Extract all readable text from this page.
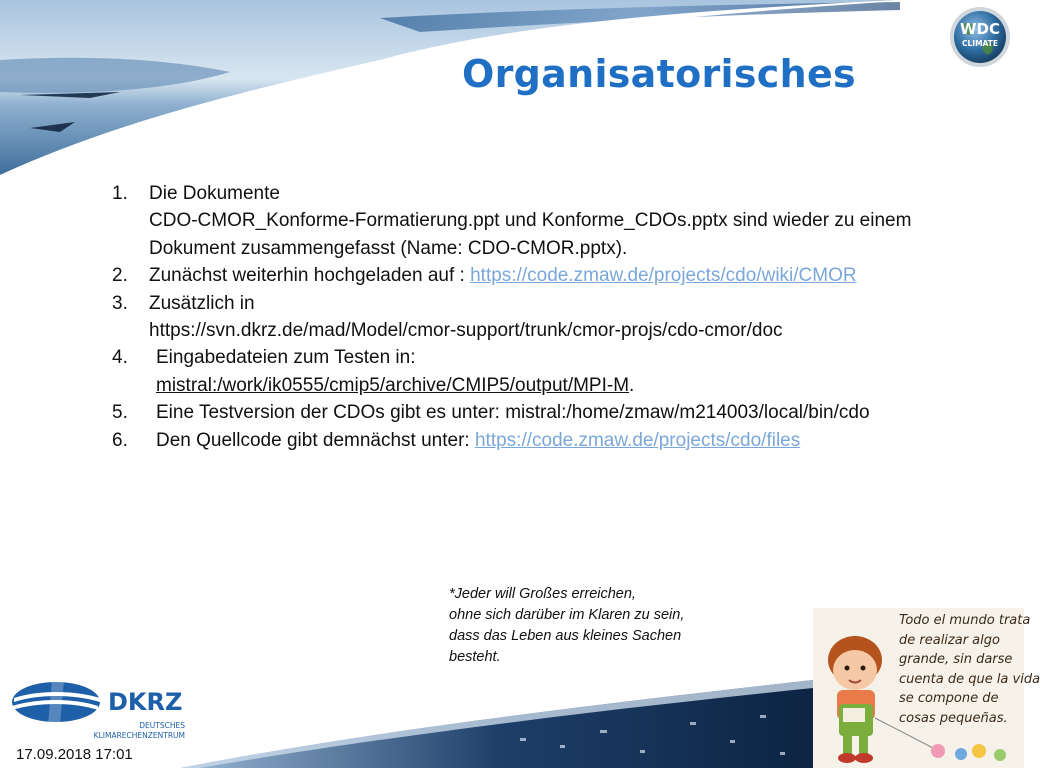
Organisatorisches
WDC
CLIMATE
1. Die Dokumente
CDO-CMOR_Konforme-Formatierung.ppt und Konforme_CDOs.pptx sind wieder zu einem
Dokument zusammengefasst (Name: CDO-CMOR.pptx).
2. Zunächst weiterhin hochgeladen auf : https://code.zmaw.de/projects/cdo/wiki/CMOR
3. Zusätzlich in
https://svn.dkrz.de/mad/Model/cmor-support/trunk/cmor-projs/cdo-cmor/doc
4. Eingabedateien zum Testen in:
mistral:/work/ik0555/cmip5/archive/CMIP5/output/MPI-M.
5. Eine Testversion der CDOs gibt es unter: mistral:/home/zmaw/m214003/local/bin/cdo
6. Den Quellcode gibt demnächst unter: https://code.zmaw.de/projects/cdo/files
*Jeder will Großes erreichen,
ohne sich darüber im Klaren zu sein,
dass das Leben aus kleines Sachen
besteht.
Todo el mundo trata
de realizar algo
grande, sin darse
cuenta de que la vida
se compone de
cosas pequeñas.
DKRZ
DEUTSCHES
KLIMARECHENZENTRUM
17.09.2018 17:01
